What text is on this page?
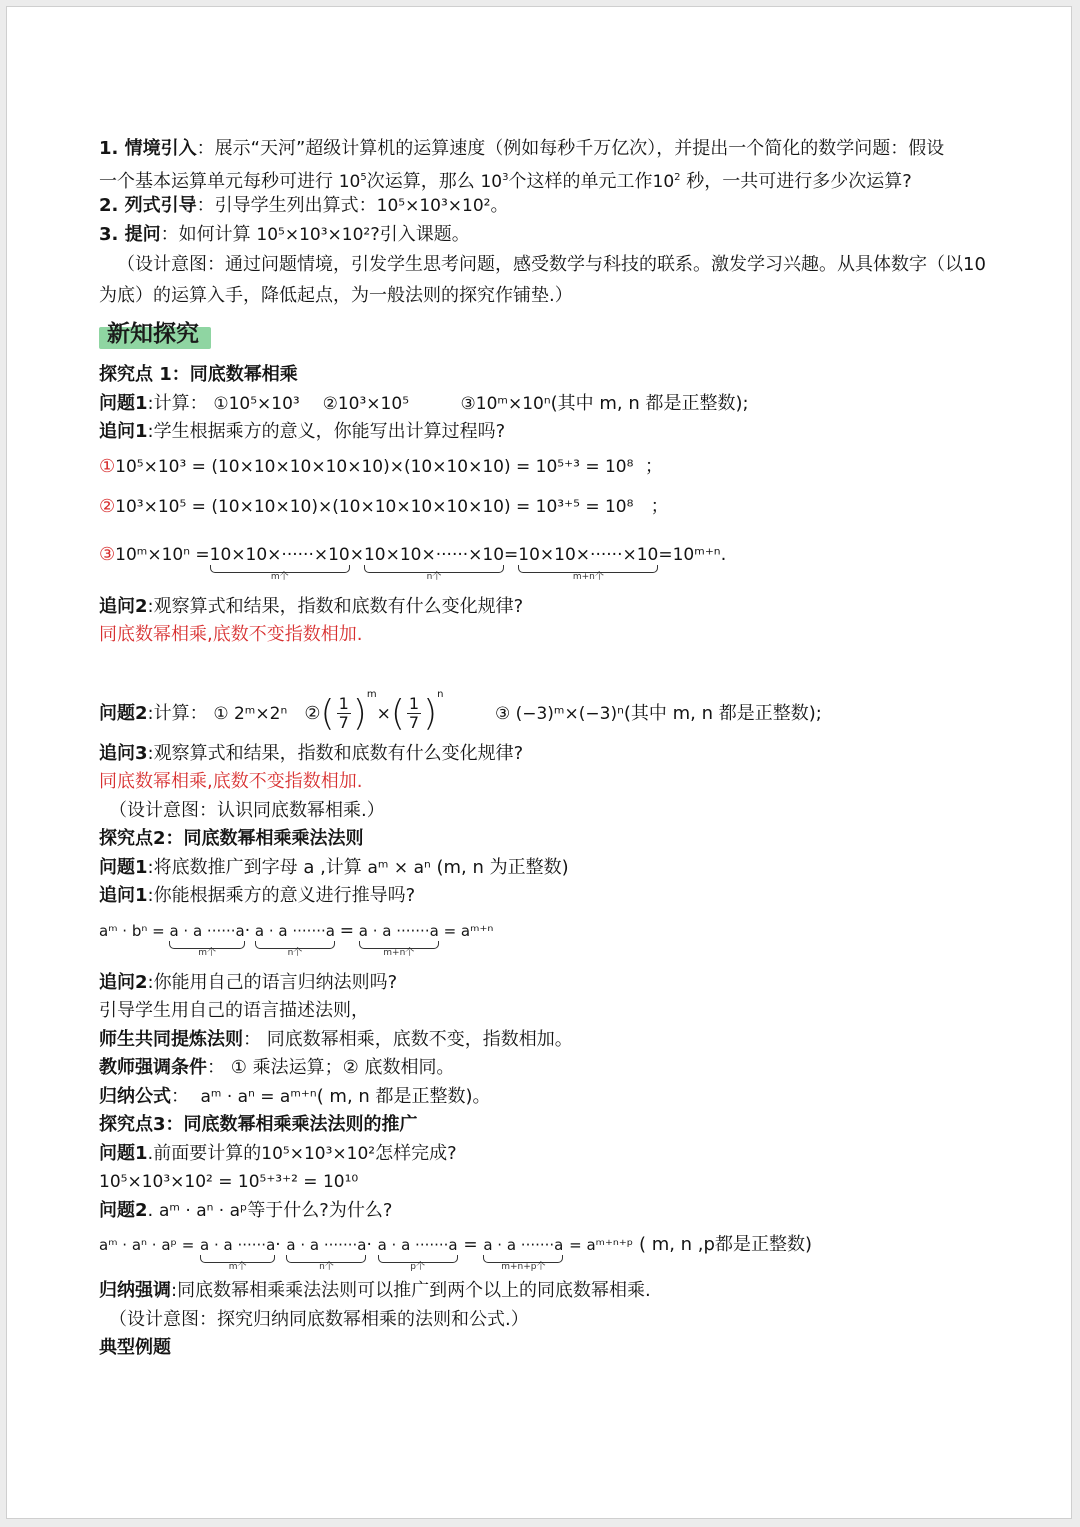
1. 情境引入：展示“天河”超级计算机的运算速度（例如每秒千万亿次），并提出一个简化的数学问题：假设
一个基本运算单元每秒可进行 $10^5$次运算，那么 $10^3$个这样的单元工作$10^2$ 秒，一共可进行多少次运算?
2. 列式引导：引导学生列出算式：10⁵×10³×10²。
3. 提问：如何计算 10⁵×10³×10²?引入课题。
（设计意图：通过问题情境，引发学生思考问题，感受数学与科技的联系。激发学习兴趣。从具体数字（以10为底）的运算入手，降低起点，为一般法则的探究作铺垫.）
新知探究
探究点 1：同底数幂相乘
问题1:计算： ①10⁵×10³ ②10³×10⁵	③10ᵐ×10ⁿ(其中 m, n 都是正整数);
追问1:学生根据乘方的意义，你能写出计算过程吗?
①10⁵×10³ = (10×10×10×10×10)×(10×10×10) = 10⁵⁺³ = 10⁸ ；
②10³×10⁵ = (10×10×10)×(10×10×10×10×10) = 10³⁺⁵ = 10⁸ ；
③10ᵐ×10ⁿ =10×10×······×10
m个
×10×10×······×10
n个
=10×10×······×10
m+n个
=10ᵐ⁺ⁿ.
追问2:观察算式和结果，指数和底数有什么变化规律?
同底数幂相乘,底数不变指数相加.
问题2:计算： ① 2ᵐ×2ⁿ ②( $\frac{1}{7} )^m\times( \frac{1}{7} )^n$         ③ (−3)ᵐ×(−3)ⁿ(其中 m, n 都是正整数);
追问3:观察算式和结果，指数和底数有什么变化规律?
同底数幂相乘,底数不变指数相加.
（设计意图：认识同底数幂相乘.）
探究点2：同底数幂相乘乘法法则
问题1:将底数推广到字母 a ,计算 aᵐ × aⁿ (m, n 为正整数)
追问1:你能根据乘方的意义进行推导吗?
aᵐ · bⁿ = a · a ······a
m个
· a · a ·······a
n个
= a · a ·······a
m+n个
= aᵐ⁺ⁿ
追问2:你能用自己的语言归纳法则吗?
引导学生用自己的语言描述法则，
师生共同提炼法则： 同底数幂相乘，底数不变，指数相加。
教师强调条件： ① 乘法运算；② 底数相同。
归纳公式： aᵐ · aⁿ = aᵐ⁺ⁿ( m, n 都是正整数)。
探究点3：同底数幂相乘乘法法则的推广
问题1.前面要计算的10⁵×10³×10²怎样完成?
10⁵×10³×10² = 10⁵⁺³⁺² = 10¹⁰
问题2. aᵐ · aⁿ · aᵖ等于什么?为什么?
aᵐ · aⁿ · aᵖ = a · a ······a
m个
· a · a ·······a
n个
· a · a ·······a
p个
= a · a ·······a
m+n+p个
= aᵐ⁺ⁿ⁺ᵖ ( m, n ,p都是正整数)
归纳强调:同底数幂相乘乘法法则可以推广到两个以上的同底数幂相乘.
（设计意图：探究归纳同底数幂相乘的法则和公式.）
典型例题
